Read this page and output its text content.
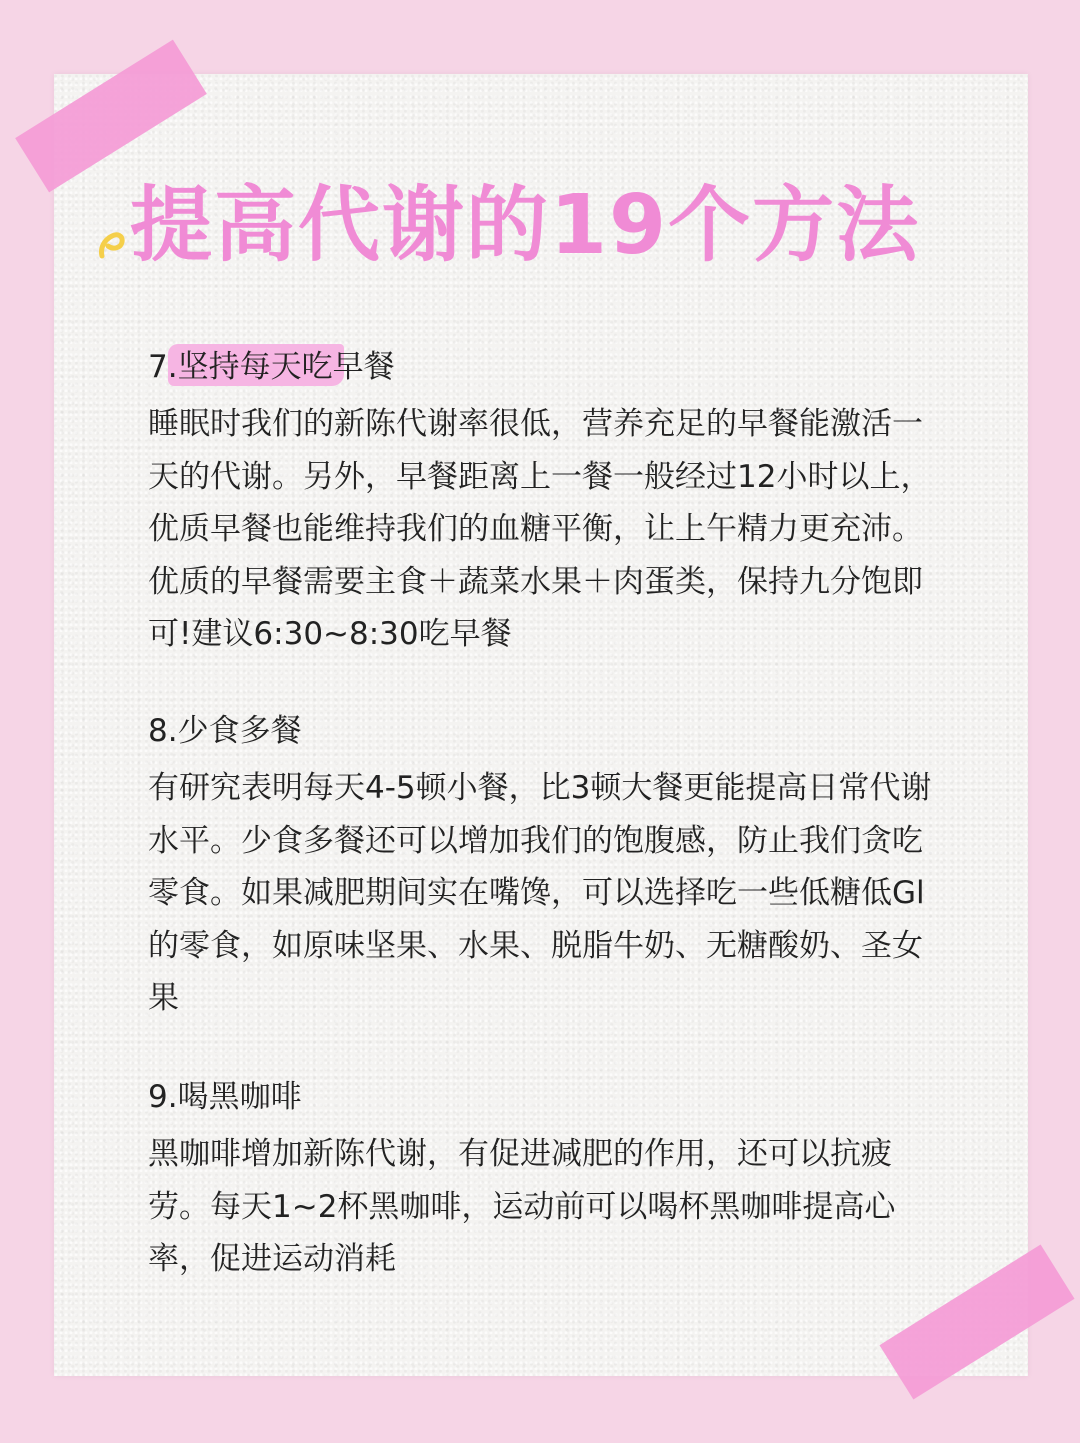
提高代谢的19个方法
7.坚持每天吃早餐

睡眠时我们的新陈代谢率很低，营养充足的早餐能激活一天的代谢。另外，早餐距离上一餐一般经过12小时以上，优质早餐也能维持我们的血糖平衡，让上午精力更充沛。优质的早餐需要主食＋蔬菜水果＋肉蛋类，保持九分饱即可!建议6:30~8:30吃早餐

8.少食多餐

有研究表明每天4-5顿小餐，比3顿大餐更能提高日常代谢水平。少食多餐还可以增加我们的饱腹感，防止我们贪吃零食。如果减肥期间实在嘴馋，可以选择吃一些低糖低Gl的零食，如原味坚果、水果、脱脂牛奶、无糖酸奶、圣女果

9.喝黑咖啡

黑咖啡增加新陈代谢，有促进减肥的作用，还可以抗疲劳。每天1~2杯黑咖啡，运动前可以喝杯黑咖啡提高心率，促进运动消耗
